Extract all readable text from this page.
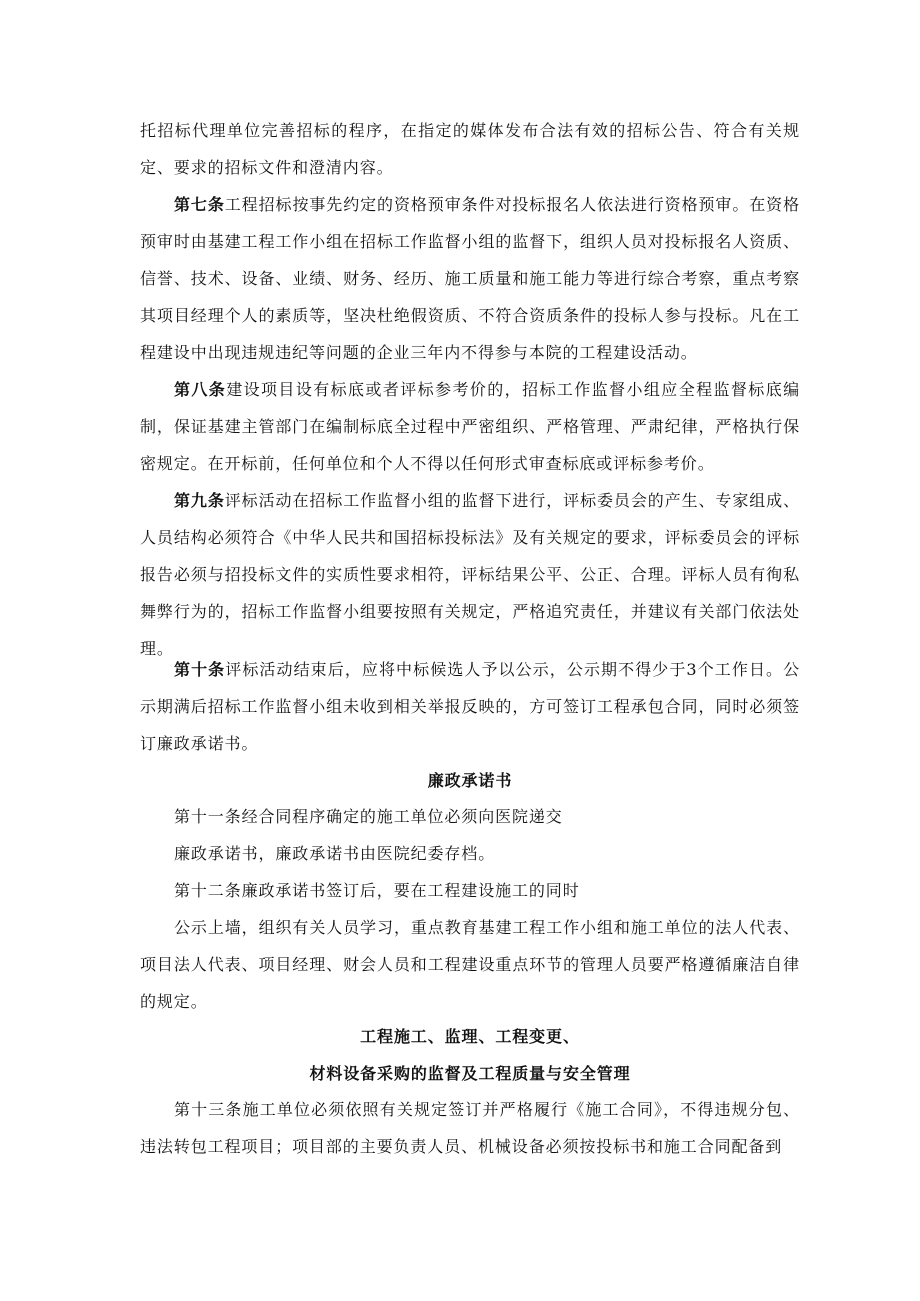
托招标代理单位完善招标的程序，在指定的媒体发布合法有效的招标公告、符合有关规定、要求的招标文件和澄清内容。

第七条工程招标按事先约定的资格预审条件对投标报名人依法进行资格预审。在资格预审时由基建工程工作小组在招标工作监督小组的监督下，组织人员对投标报名人资质、信誉、技术、设备、业绩、财务、经历、施工质量和施工能力等进行综合考察，重点考察其项目经理个人的素质等，坚决杜绝假资质、不符合资质条件的投标人参与投标。凡在工程建设中出现违规违纪等问题的企业三年内不得参与本院的工程建设活动。

第八条建设项目设有标底或者评标参考价的，招标工作监督小组应全程监督标底编制，保证基建主管部门在编制标底全过程中严密组织、严格管理、严肃纪律，严格执行保密规定。在开标前，任何单位和个人不得以任何形式审查标底或评标参考价。

第九条评标活动在招标工作监督小组的监督下进行，评标委员会的产生、专家组成、人员结构必须符合《中华人民共和国招标投标法》及有关规定的要求，评标委员会的评标报告必须与招投标文件的实质性要求相符，评标结果公平、公正、合理。评标人员有徇私舞弊行为的，招标工作监督小组要按照有关规定，严格追究责任，并建议有关部门依法处理。

第十条评标活动结束后，应将中标候选人予以公示，公示期不得少于3个工作日。公示期满后招标工作监督小组未收到相关举报反映的，方可签订工程承包合同，同时必须签订廉政承诺书。

廉政承诺书

第十一条经合同程序确定的施工单位必须向医院递交

廉政承诺书，廉政承诺书由医院纪委存档。

第十二条廉政承诺书签订后，要在工程建设施工的同时

公示上墙，组织有关人员学习，重点教育基建工程工作小组和施工单位的法人代表、项目法人代表、项目经理、财会人员和工程建设重点环节的管理人员要严格遵循廉洁自律的规定。

工程施工、监理、工程变更、

材料设备采购的监督及工程质量与安全管理

第十三条施工单位必须依照有关规定签订并严格履行《施工合同》，不得违规分包、违法转包工程项目；项目部的主要负责人员、机械设备必须按投标书和施工合同配备到
